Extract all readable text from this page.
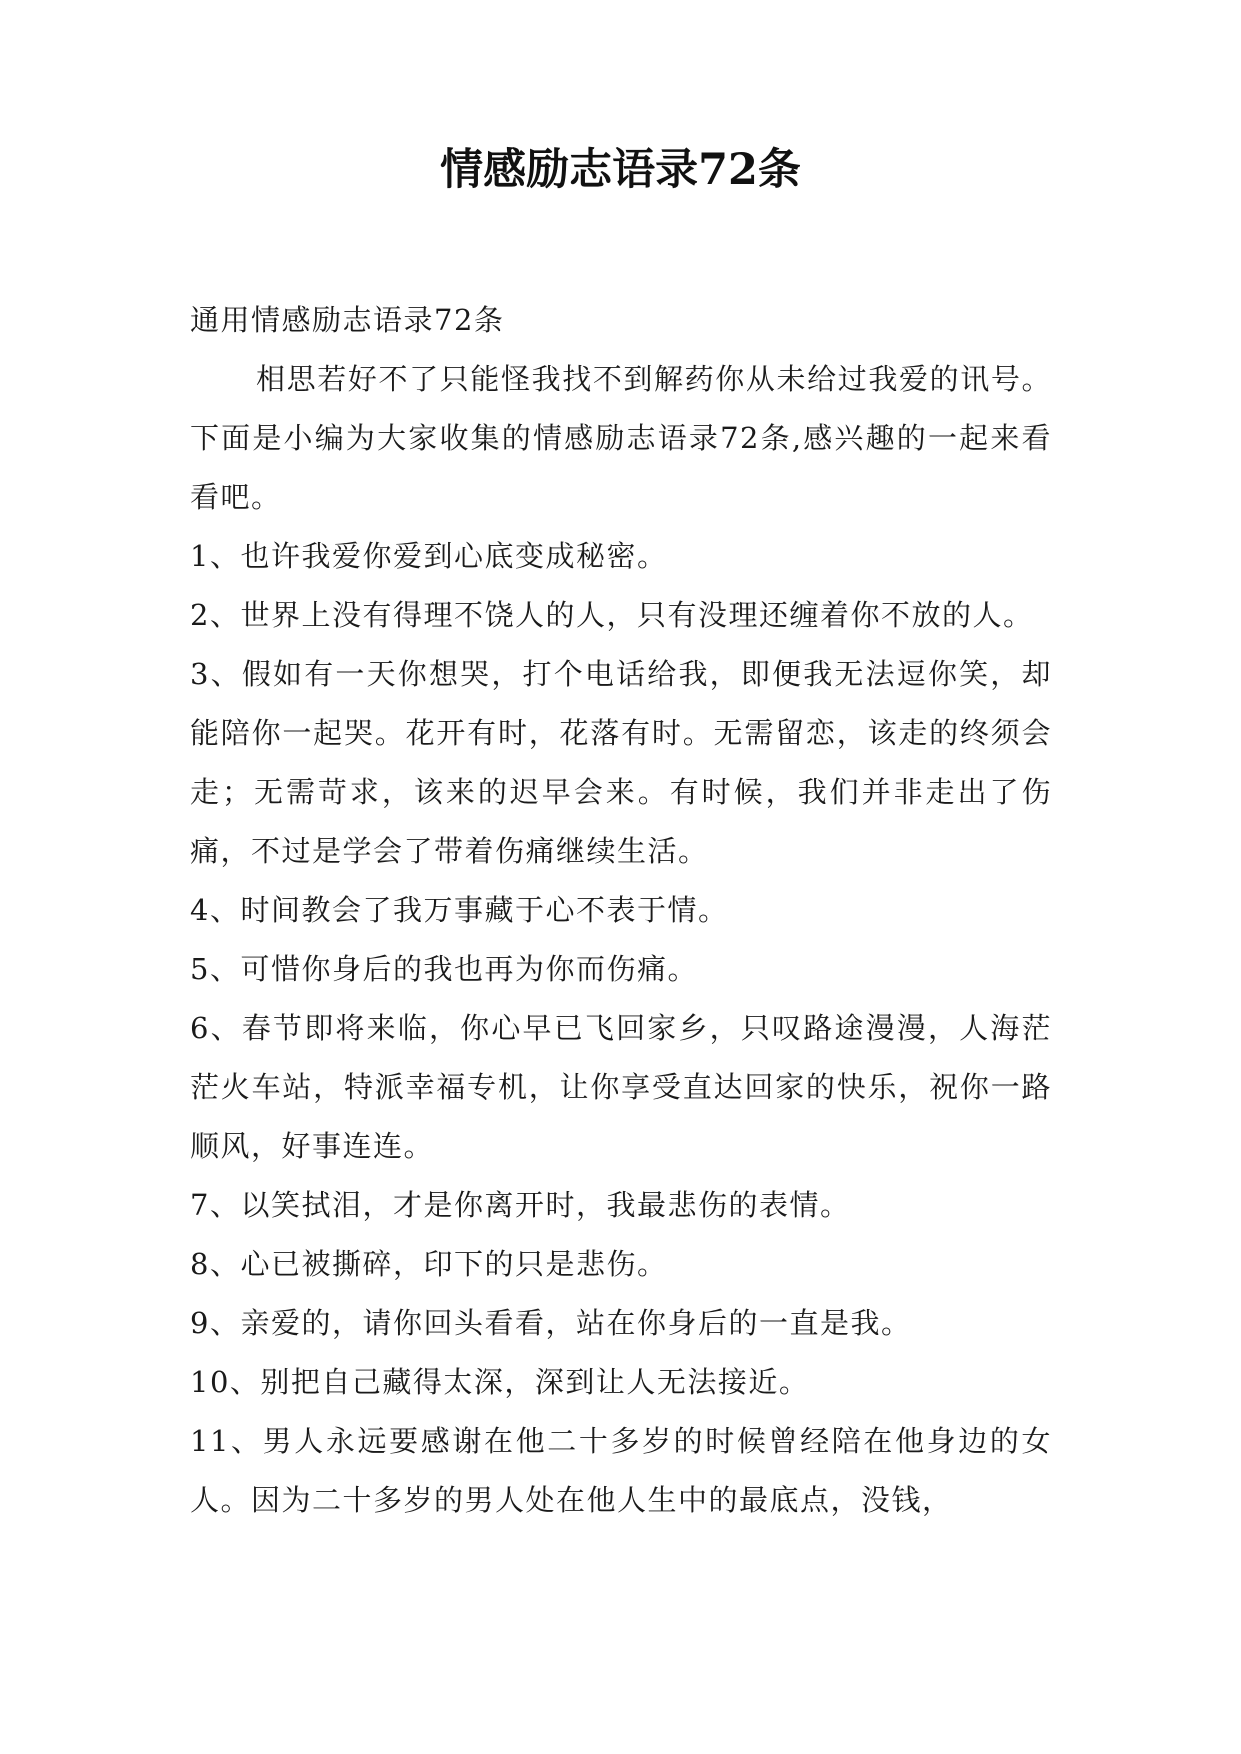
情感励志语录72条

通用情感励志语录72条

相思若好不了只能怪我找不到解药你从未给过我爱的讯号。下面是小编为大家收集的情感励志语录72条,感兴趣的一起来看看吧。

1、也许我爱你爱到心底变成秘密。

2、世界上没有得理不饶人的人，只有没理还缠着你不放的人。

3、假如有一天你想哭，打个电话给我，即便我无法逗你笑，却能陪你一起哭。花开有时，花落有时。无需留恋，该走的终须会走；无需苛求，该来的迟早会来。有时候，我们并非走出了伤痛，不过是学会了带着伤痛继续生活。

4、时间教会了我万事藏于心不表于情。

5、可惜你身后的我也再为你而伤痛。

6、春节即将来临，你心早已飞回家乡，只叹路途漫漫，人海茫茫火车站，特派幸福专机，让你享受直达回家的快乐，祝你一路顺风，好事连连。

7、以笑拭泪，才是你离开时，我最悲伤的表情。

8、心已被撕碎，印下的只是悲伤。

9、亲爱的，请你回头看看，站在你身后的一直是我。

10、别把自己藏得太深，深到让人无法接近。

11、男人永远要感谢在他二十多岁的时候曾经陪在他身边的女人。因为二十多岁的男人处在他人生中的最底点，没钱，
